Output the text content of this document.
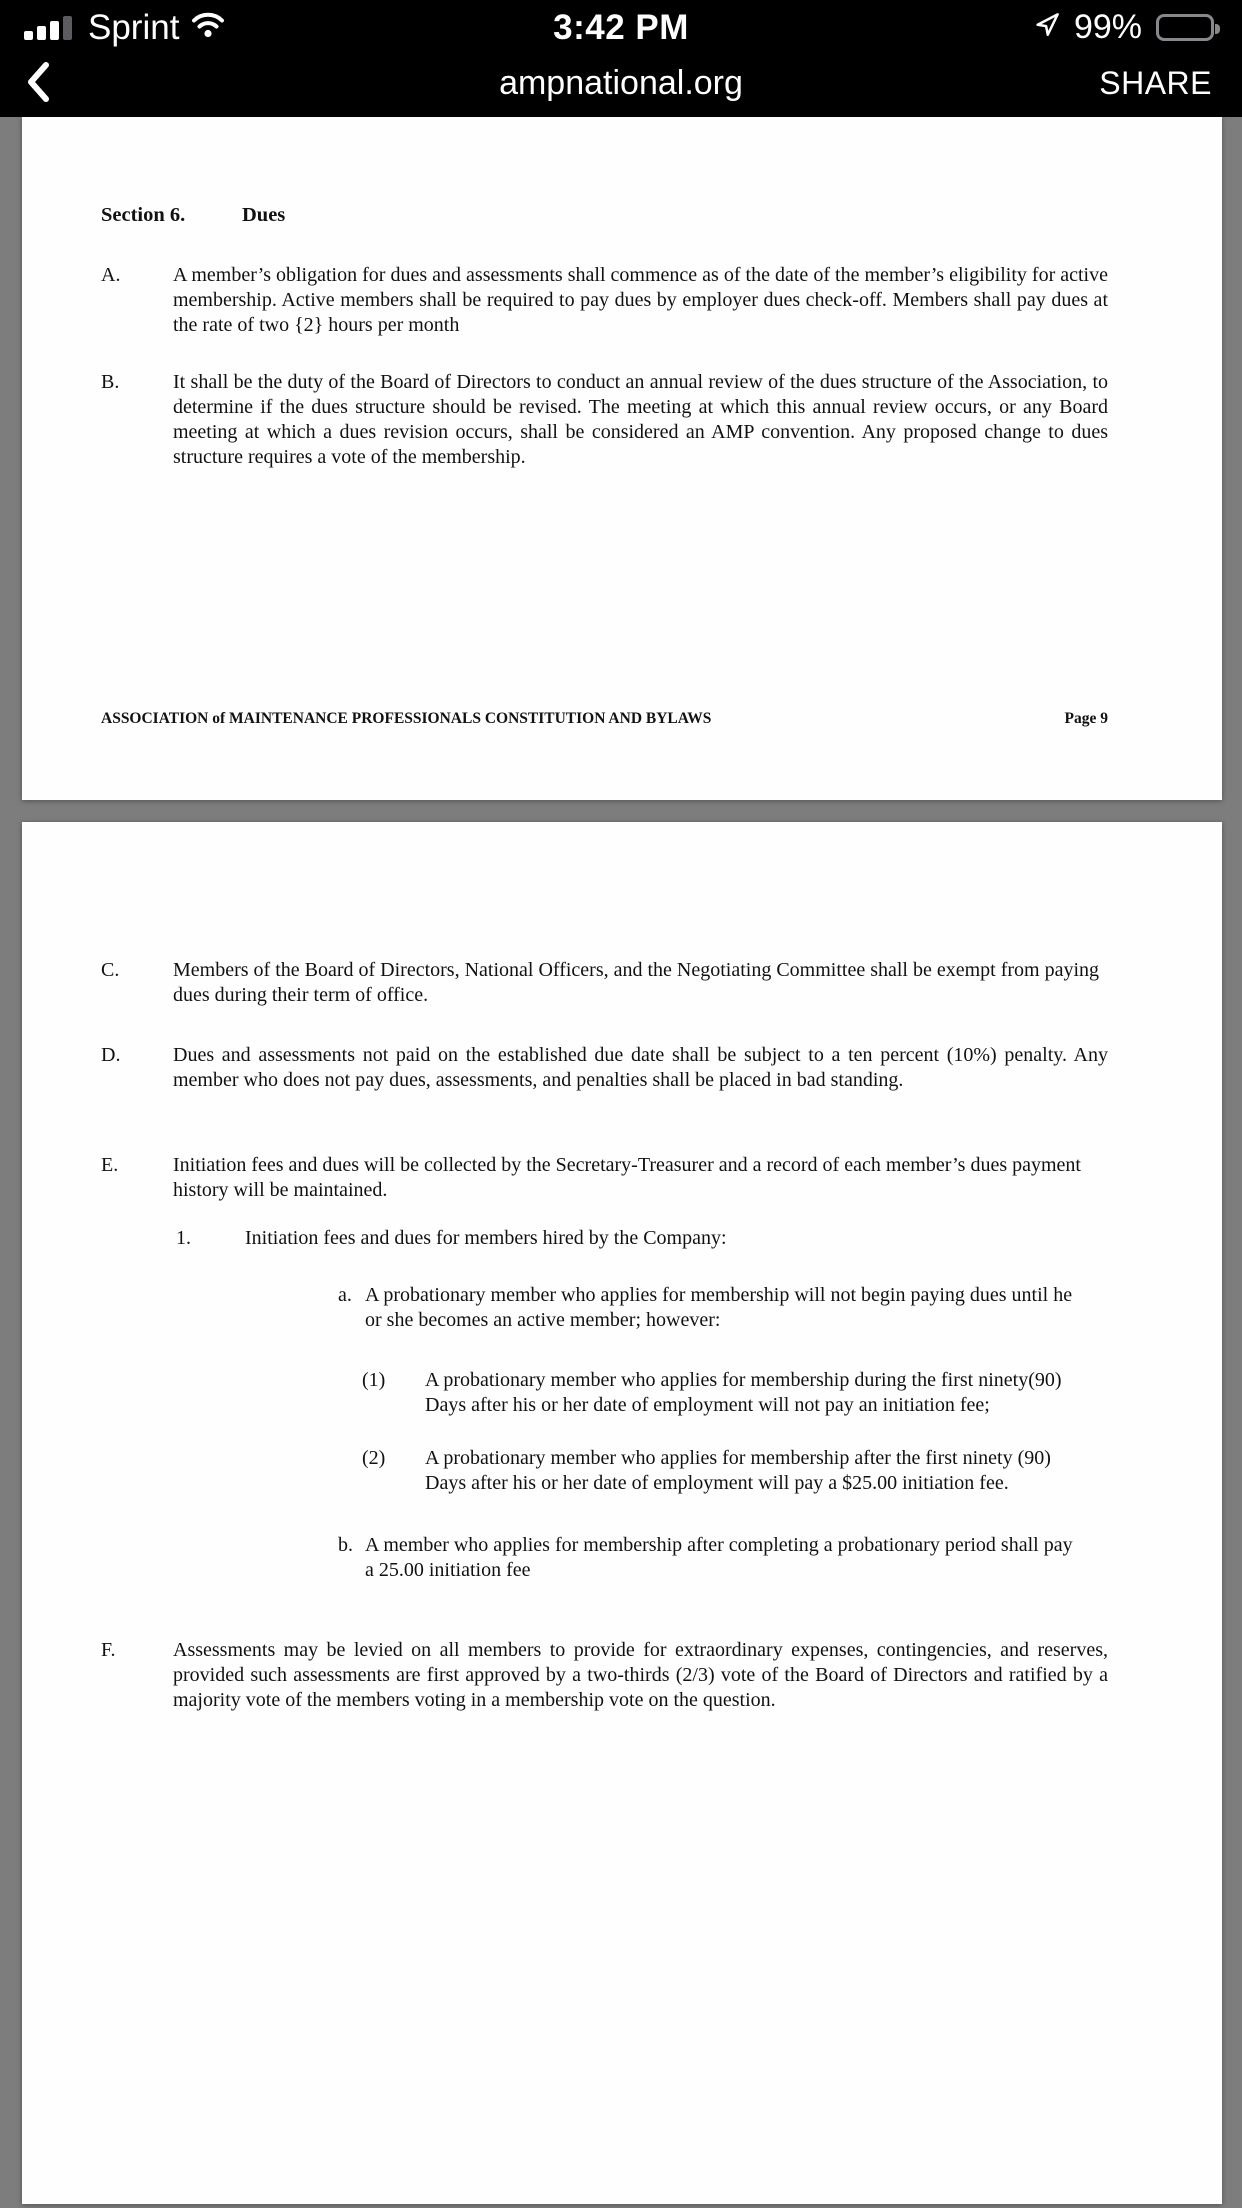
Sprint	3:42 PM	99%
ampnational.org	SHARE
Section 6.	Dues
A.	A member’s obligation for dues and assessments shall commence as of the date of the member’s eligibility for active membership. Active members shall be required to pay dues by employer dues check-off. Members shall pay dues at the rate of two {2} hours per month
B.	It shall be the duty of the Board of Directors to conduct an annual review of the dues structure of the Association, to determine if the dues structure should be revised. The meeting at which this annual review occurs, or any Board meeting at which a dues revision occurs, shall be considered an AMP convention. Any proposed change to dues structure requires a vote of the membership.
ASSOCIATION of MAINTENANCE PROFESSIONALS CONSTITUTION AND BYLAWS	Page 9
C.	Members of the Board of Directors, National Officers, and the Negotiating Committee shall be exempt from paying dues during their term of office.
D.	Dues and assessments not paid on the established due date shall be subject to a ten percent (10%) penalty. Any member who does not pay dues, assessments, and penalties shall be placed in bad standing.
E.	Initiation fees and dues will be collected by the Secretary-Treasurer and a record of each member’s dues payment history will be maintained.
1.	Initiation fees and dues for members hired by the Company:
a. A probationary member who applies for membership will not begin paying dues until he or she becomes an active member; however:
(1)	A probationary member who applies for membership during the first ninety(90) Days after his or her date of employment will not pay an initiation fee;
(2)	A probationary member who applies for membership after the first ninety (90) Days after his or her date of employment will pay a $25.00 initiation fee.
b. A member who applies for membership after completing a probationary period shall pay a 25.00 initiation fee
F.	Assessments may be levied on all members to provide for extraordinary expenses, contingencies, and reserves, provided such assessments are first approved by a two-thirds (2/3) vote of the Board of Directors and ratified by a majority vote of the members voting in a membership vote on the question.
